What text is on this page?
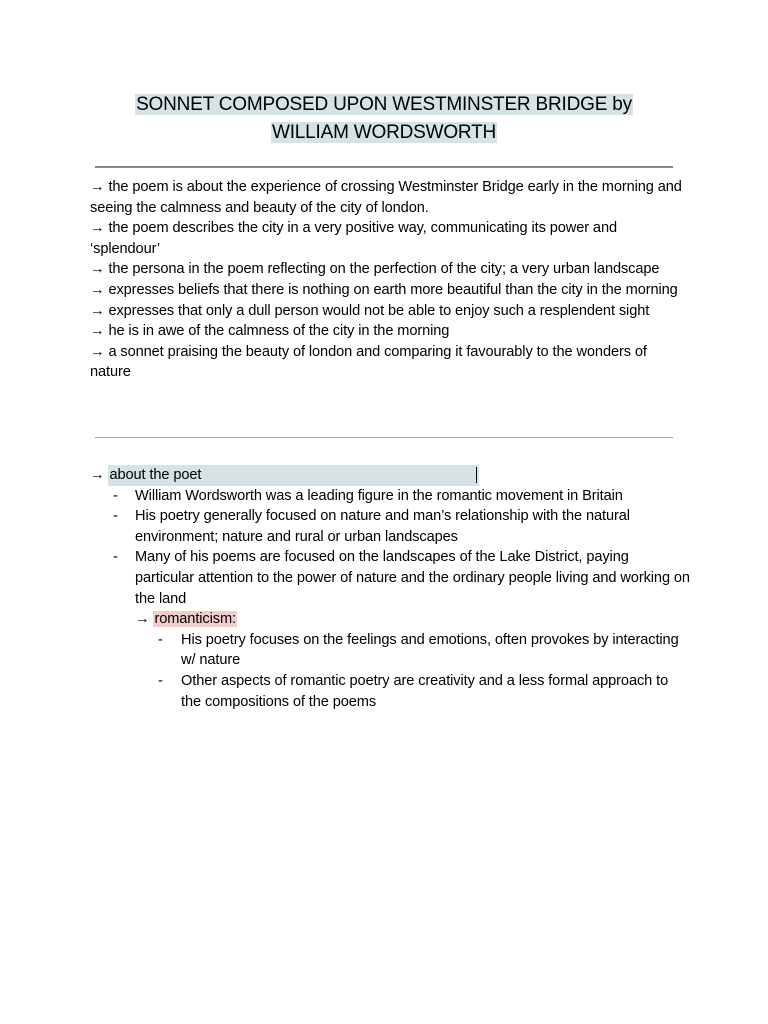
SONNET COMPOSED UPON WESTMINSTER BRIDGE by
WILLIAM WORDSWORTH

→ the poem is about the experience of crossing Westminster Bridge early in the morning and seeing the calmness and beauty of the city of london.

→ the poem describes the city in a very positive way, communicating its power and ‘splendour’

→ the persona in the poem reflecting on the perfection of the city; a very urban landscape

→ expresses beliefs that there is nothing on earth more beautiful than the city in the morning

→ expresses that only a dull person would not be able to enjoy such a resplendent sight

→ he is in awe of the calmness of the city in the morning

→ a sonnet praising the beauty of london and comparing it favourably to the wonders of nature

→ about the poet

- William Wordsworth was a leading figure in the romantic movement in Britain
- His poetry generally focused on nature and man’s relationship with the natural environment; nature and rural or urban landscapes
- Many of his poems are focused on the landscapes of the Lake District, paying particular attention to the power of nature and the ordinary people living and working on the land

→ romanticism:

- His poetry focuses on the feelings and emotions, often provokes by interacting w/ nature
- Other aspects of romantic poetry are creativity and a less formal approach to the compositions of the poems
